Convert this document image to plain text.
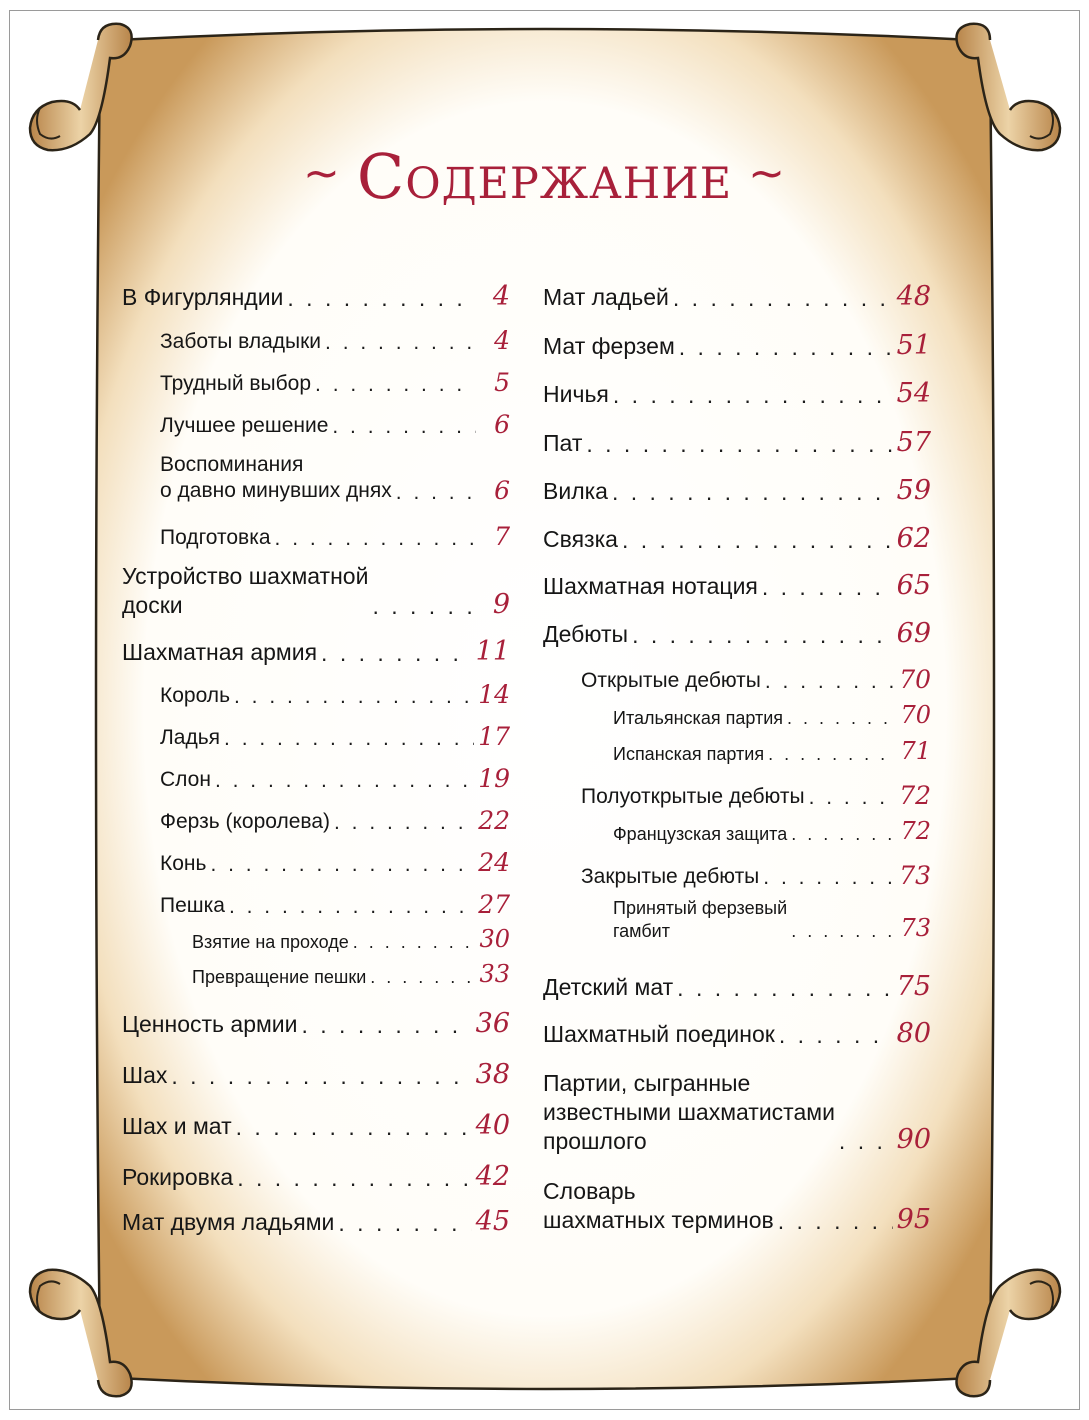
~ Содержание ~
В Фигурляндии . . .	4
Заботы владыки . . .	4
Трудный выбор . . .	5
Лучшее решение . . .	6
Воспоминания
о давно минувших днях . . .	6
Подготовка . . .	7
Устройство шахматной
доски . . .	9
Шахматная армия . . .	11
Король . . .	14
Ладья . . .	17
Слон . . .	19
Ферзь (королева) . . .	22
Конь . . .	24
Пешка . . .	27
Взятие на проходе . . .	30
Превращение пешки . . .	33
Ценность армии . . .	36
Шах . . .	38
Шах и мат . . .	40
Рокировка . . .	42
Мат двумя ладьями . . .	45
Мат ладьей . . .	48
Мат ферзем . . .	51
Ничья . . .	54
Пат . . .	57
Вилка . . .	59
Связка . . .	62
Шахматная нотация . . .	65
Дебюты . . .	69
Открытые дебюты . . .	70
Итальянская партия . . .	70
Испанская партия . . .	71
Полуоткрытые дебюты . . .	72
Французская защита . . .	72
Закрытые дебюты . . .	73
Принятый ферзевый
гамбит . . .	73
Детский мат . . .	75
Шахматный поединок . . .	80
Партии, сыгранные
известными шахматистами
прошлого . . .	90
Словарь
шахматных терминов . . .	95
